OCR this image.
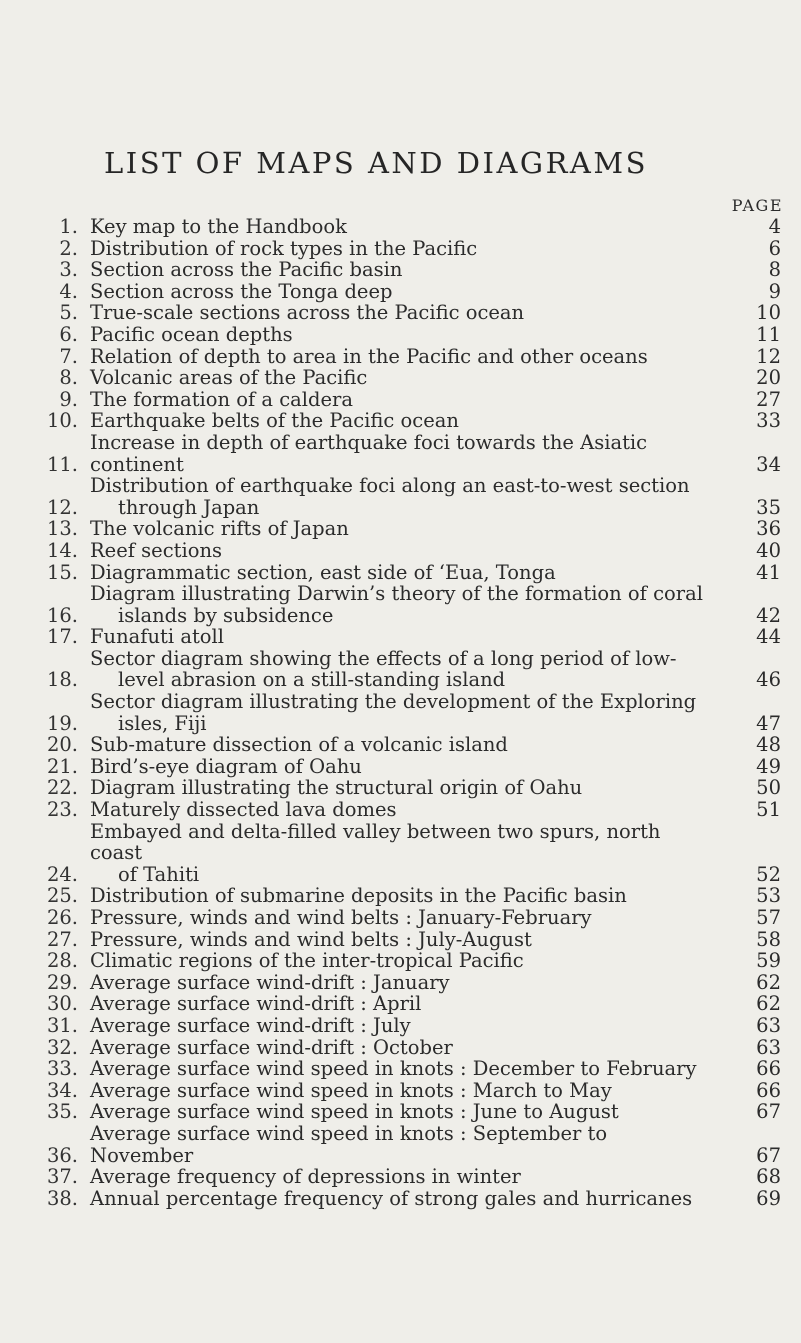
LIST OF MAPS AND DIAGRAMS
PAGE
1. Key map to the Handbook	4
2. Distribution of rock types in the Pacific	6
3. Section across the Pacific basin	8
4. Section across the Tonga deep	9
5. True-scale sections across the Pacific ocean	10
6. Pacific ocean depths	11
7. Relation of depth to area in the Pacific and other oceans	12
8. Volcanic areas of the Pacific	20
9. The formation of a caldera	27
10. Earthquake belts of the Pacific ocean	33
11.
Increase in depth of earthquake foci towards the Asiatic continent	34
12.
Distribution of earthquake foci along an east-to-west section
through Japan	35
13. The volcanic rifts of Japan	36
14. Reef sections	40
15. Diagrammatic section, east side of ‘Eua, Tonga	41
16.
Diagram illustrating Darwin’s theory of the formation of coral
islands by subsidence	42
17. Funafuti atoll	44
18.
Sector diagram showing the effects of a long period of low-
level abrasion on a still-standing island	46
19.
Sector diagram illustrating the development of the Exploring
isles, Fiji	47
20. Sub-mature dissection of a volcanic island	48
21. Bird’s-eye diagram of Oahu	49
22. Diagram illustrating the structural origin of Oahu	50
23. Maturely dissected lava domes	51
24.
Embayed and delta-filled valley between two spurs, north coast
of Tahiti	52
25. Distribution of submarine deposits in the Pacific basin	53
26. Pressure, winds and wind belts : January-February	57
27. Pressure, winds and wind belts : July-August	58
28. Climatic regions of the inter-tropical Pacific	59
29. Average surface wind-drift : January	62
30. Average surface wind-drift : April	62
31. Average surface wind-drift : July	63
32. Average surface wind-drift : October	63
33. Average surface wind speed in knots : December to February	66
34. Average surface wind speed in knots : March to May	66
35. Average surface wind speed in knots : June to August	67
36.
Average surface wind speed in knots : September to November	67
37. Average frequency of depressions in winter	68
38. Annual percentage frequency of strong gales and hurricanes	69
